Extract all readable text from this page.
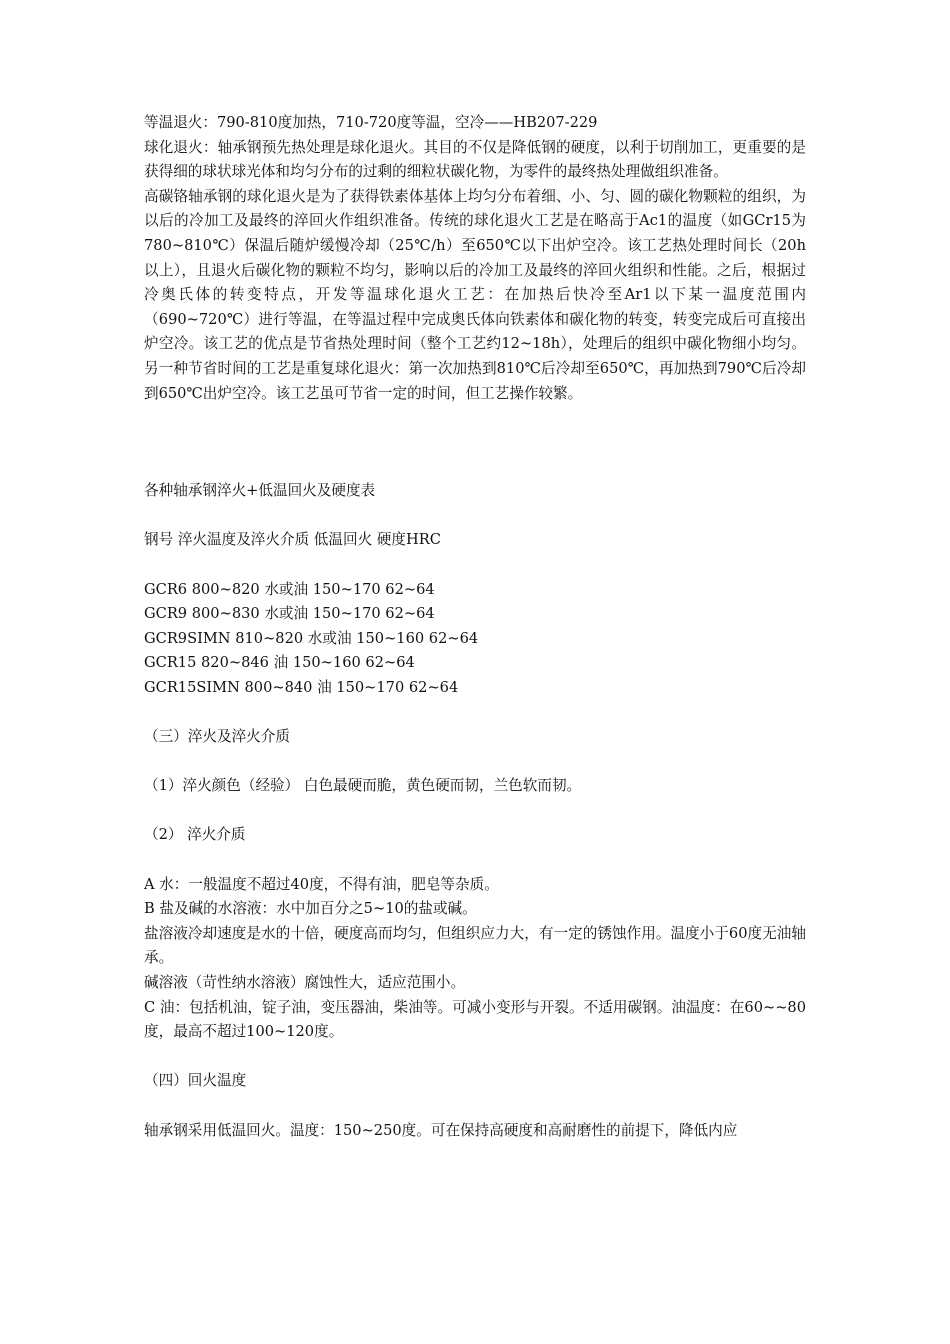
等温退火：790-810度加热，710-720度等温，空冷——HB207-229

球化退火：轴承钢预先热处理是球化退火。其目的不仅是降低钢的硬度，以利于切削加工，更重要的是获得细的球状球光体和均匀分布的过剩的细粒状碳化物，为零件的最终热处理做组织准备。

高碳铬轴承钢的球化退火是为了获得铁素体基体上均匀分布着细、小、匀、圆的碳化物颗粒的组织，为以后的冷加工及最终的淬回火作组织准备。传统的球化退火工艺是在略高于Ac1的温度（如GCr15为780~810℃）保温后随炉缓慢冷却（25℃/h）至650℃以下出炉空冷。该工艺热处理时间长（20h 以上），且退火后碳化物的颗粒不均匀，影响以后的冷加工及最终的淬回火组织和性能。之后，根据过冷奥氏体的转变特点，开发等温球化退火工艺：在加热后快冷至Ar1以下某一温度范围内（690~720℃）进行等温，在等温过程中完成奥氏体向铁素体和碳化物的转变，转变完成后可直接出炉空冷。该工艺的优点是节省热处理时间（整个工艺约12~18h），处理后的组织中碳化物细小均匀。另一种节省时间的工艺是重复球化退火：第一次加热到810℃后冷却至650℃，再加热到790℃后冷却到650℃出炉空冷。该工艺虽可节省一定的时间，但工艺操作较繁。

各种轴承钢淬火+低温回火及硬度表

钢号 淬火温度及淬火介质 低温回火 硬度HRC

GCR6 800~820 水或油 150~170 62~64

GCR9 800~830 水或油 150~170 62~64

GCR9SIMN 810~820 水或油 150~160 62~64

GCR15 820~846 油 150~160 62~64

GCR15SIMN 800~840 油 150~170 62~64

（三）淬火及淬火介质

（1）淬火颜色（经验） 白色最硬而脆，黄色硬而韧，兰色软而韧。

（2） 淬火介质

A 水：一般温度不超过40度，不得有油，肥皂等杂质。

B 盐及碱的水溶液：水中加百分之5~10的盐或碱。

盐溶液冷却速度是水的十倍，硬度高而均匀，但组织应力大，有一定的锈蚀作用。温度小于60度无油轴承。

碱溶液（苛性纳水溶液）腐蚀性大，适应范围小。

C 油：包括机油，锭子油，变压器油，柴油等。可减小变形与开裂。不适用碳钢。油温度：在60~~80度，最高不超过100~120度。

（四）回火温度

轴承钢采用低温回火。温度：150~250度。可在保持高硬度和高耐磨性的前提下，降低内应
